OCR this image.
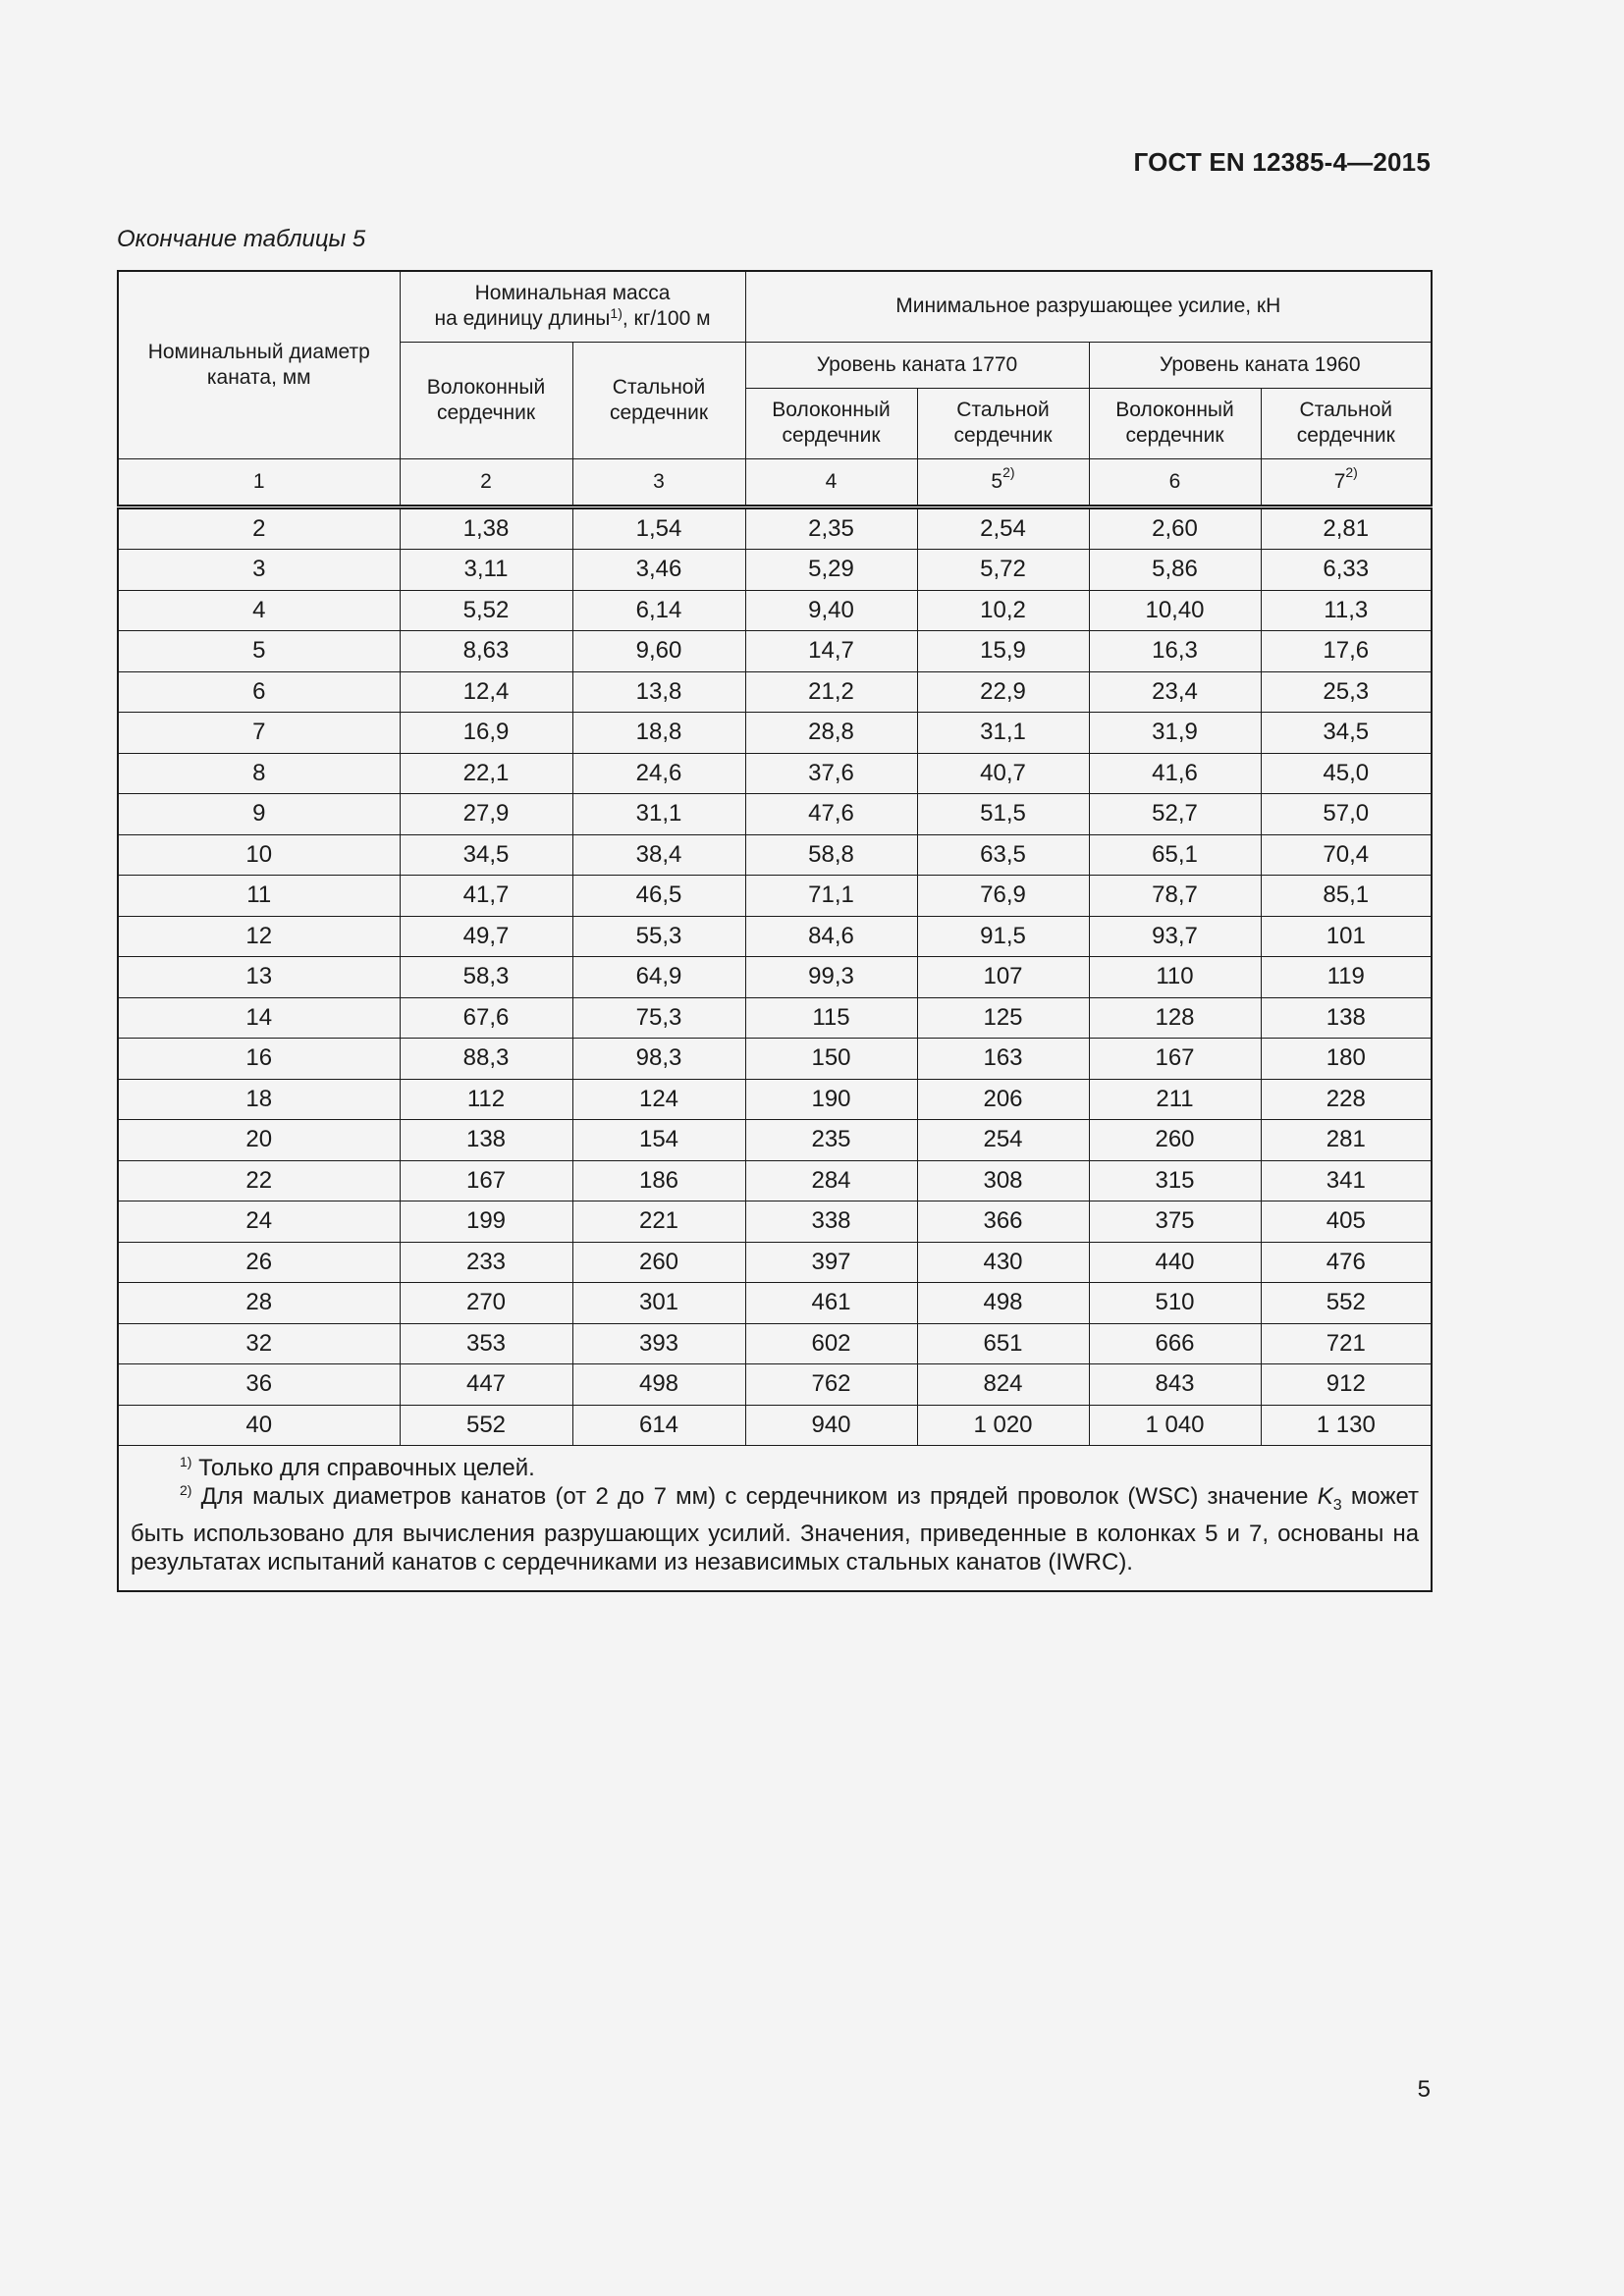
ГОСТ EN 12385-4—2015
Окончание таблицы 5
Номинальный диаметр каната, мм	Номинальная масса
на единицу длины$^{1)}$, кг/100 м		Минимальное разрушающее усилие, кН			
	Волоконный сердечник	Стальной сердечник	Уровень каната 1770		Уровень каната 1960	
			Волоконный сердечник	Стальной сердечник	Волоконный сердечник	Стальной сердечник
1	2	3	4	5$^{2)}$	6	7$^{2)}$
2	1,38	1,54	2,35	2,54	2,60	2,81
3	3,11	3,46	5,29	5,72	5,86	6,33
4	5,52	6,14	9,40	10,2	10,40	11,3
5	8,63	9,60	14,7	15,9	16,3	17,6
6	12,4	13,8	21,2	22,9	23,4	25,3
7	16,9	18,8	28,8	31,1	31,9	34,5
8	22,1	24,6	37,6	40,7	41,6	45,0
9	27,9	31,1	47,6	51,5	52,7	57,0
10	34,5	38,4	58,8	63,5	65,1	70,4
11	41,7	46,5	71,1	76,9	78,7	85,1
12	49,7	55,3	84,6	91,5	93,7	101
13	58,3	64,9	99,3	107	110	119
14	67,6	75,3	115	125	128	138
16	88,3	98,3	150	163	167	180
18	112	124	190	206	211	228
20	138	154	235	254	260	281
22	167	186	284	308	315	341
24	199	221	338	366	375	405
26	233	260	397	430	440	476
28	270	301	461	498	510	552
32	353	393	602	651	666	721
36	447	498	762	824	843	912
40	552	614	940	1 020	1 040	1 130

$^{1)}$ Только для справочных целей.

$^{2)}$ Для малых диаметров канатов (от 2 до 7 мм) с сердечником из прядей проволок (WSC) значение $K_3$ может быть использовано для вычисления разрушающих усилий. Значения, приведенные в колонках 5 и 7, основаны на результатах испытаний канатов с сердечниками из независимых стальных канатов (IWRC).						

5
